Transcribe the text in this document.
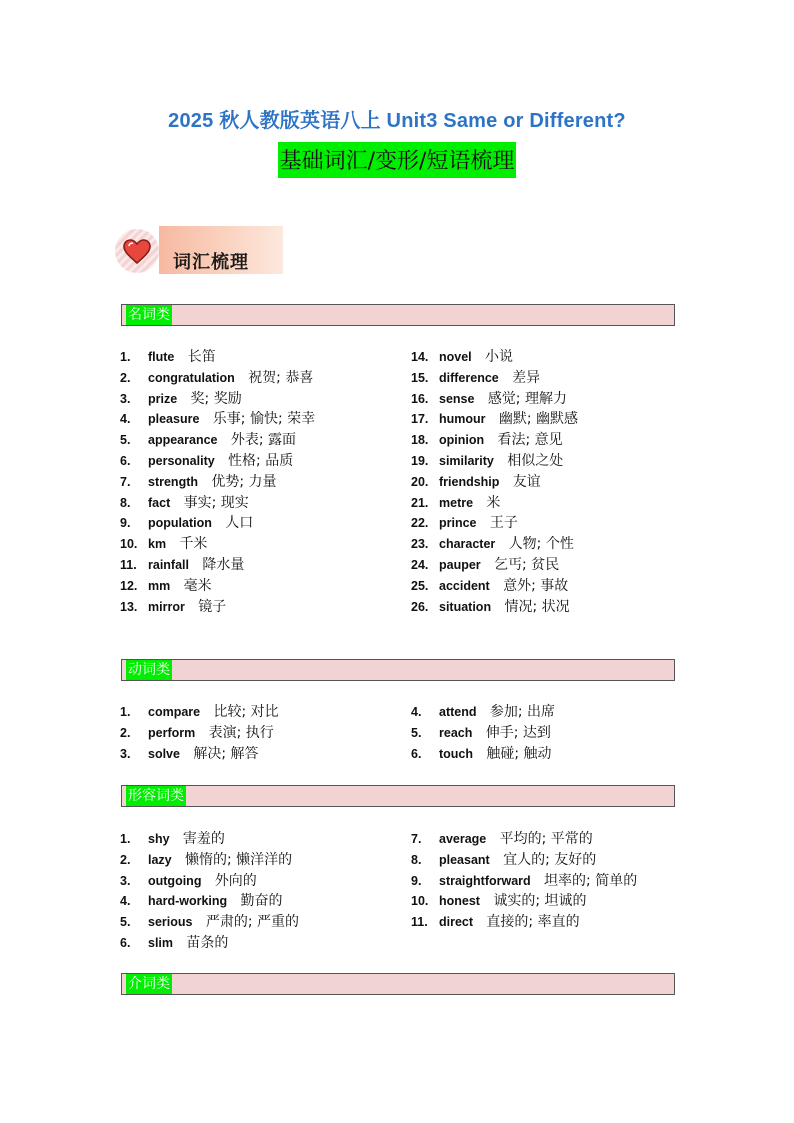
2025 秋人教版英语八上 Unit3 Same or Different?
基础词汇/变形/短语梳理
词汇梳理
名词类
1. flute 长笛
2. congratulation 祝贺; 恭喜
3. prize 奖; 奖励
4. pleasure 乐事; 愉快; 荣幸
5. appearance 外表; 露面
6. personality 性格; 品质
7. strength 优势; 力量
8. fact 事实; 现实
9. population 人口
10. km 千米
11. rainfall 降水量
12. mm 毫米
13. mirror 镜子
14. novel 小说
15. difference 差异
16. sense 感觉; 理解力
17. humour 幽默; 幽默感
18. opinion 看法; 意见
19. similarity 相似之处
20. friendship 友谊
21. metre 米
22. prince 王子
23. character 人物; 个性
24. pauper 乞丐; 贫民
25. accident 意外; 事故
26. situation 情况; 状况
动词类
1. compare 比较; 对比
2. perform 表演; 执行
3. solve 解决; 解答
4. attend 参加; 出席
5. reach 伸手; 达到
6. touch 触碰; 触动
形容词类
1. shy 害羞的
2. lazy 懒惰的; 懒洋洋的
3. outgoing 外向的
4. hard-working 勤奋的
5. serious 严肃的; 严重的
6. slim 苗条的
7. average 平均的; 平常的
8. pleasant 宜人的; 友好的
9. straightforward 坦率的; 简单的
10. honest 诚实的; 坦诚的
11. direct 直接的; 率直的
介词类
